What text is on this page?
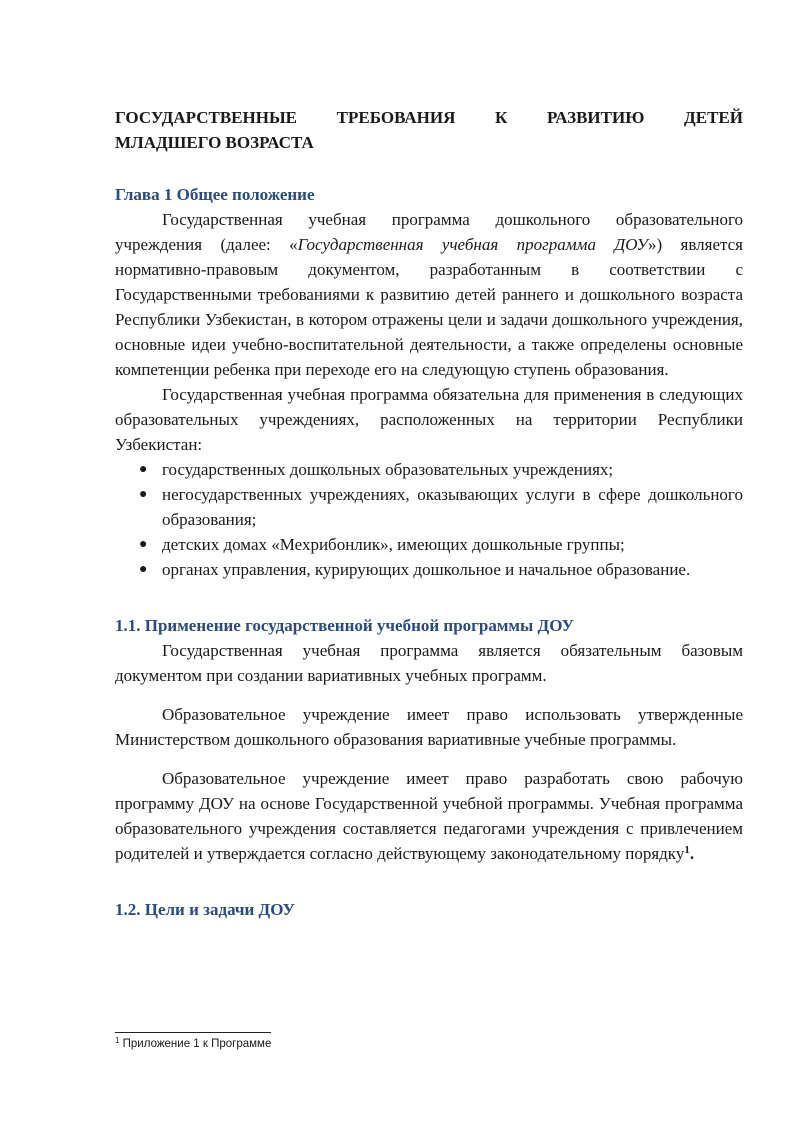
ГОСУДАРСТВЕННЫЕ ТРЕБОВАНИЯ К РАЗВИТИЮ ДЕТЕЙ
МЛАДШЕГО ВОЗРАСТА
Глава 1 Общее положение

Государственная учебная программа дошкольного образовательного учреждения (далее: «Государственная учебная программа ДОУ») является нормативно-правовым документом, разработанным в соответствии с Государственными требованиями к развитию детей раннего и дошкольного возраста Республики Узбекистан, в котором отражены цели и задачи дошкольного учреждения, основные идеи учебно-воспитательной деятельности, а также определены основные компетенции ребенка при переходе его на следующую ступень образования.

Государственная учебная программа обязательна для применения в следующих образовательных учреждениях, расположенных на территории Республики Узбекистан:

● государственных дошкольных образовательных учреждениях;
● негосударственных учреждениях, оказывающих услуги в сфере дошкольного образования;
● детских домах «Мехрибонлик», имеющих дошкольные группы;
● органах управления, курирующих дошкольное и начальное образование.
1.1. Применение государственной учебной программы ДОУ

Государственная учебная программа является обязательным базовым документом при создании вариативных учебных программ.

Образовательное учреждение имеет право использовать утвержденные Министерством дошкольного образования вариативные учебные программы.

Образовательное учреждение имеет право разработать свою рабочую программу ДОУ на основе Государственной учебной программы. Учебная программа образовательного учреждения составляется педагогами учреждения с привлечением родителей и утверждается согласно действующему законодательному порядку$^1$.

1.2. Цели и задачи ДОУ
$^1$ Приложение 1 к Программе
